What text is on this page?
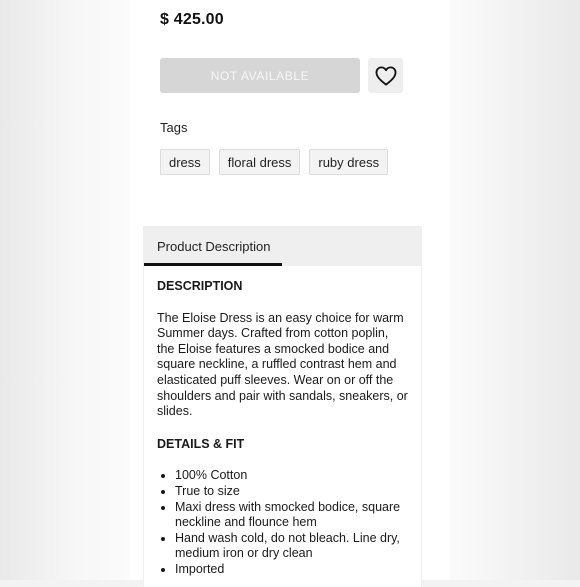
$ 425.00
NOT AVAILABLE
Tags
dress	floral dress	ruby dress
Product Description
DESCRIPTION
The Eloise Dress is an easy choice for warm Summer days. Crafted from cotton poplin, the Eloise features a smocked bodice and square neckline, a ruffled contrast hem and elasticated puff sleeves. Wear on or off the shoulders and pair with sandals, sneakers, or slides.
DETAILS & FIT
• 100% Cotton
• True to size
• Maxi dress with smocked bodice, square neckline and flounce hem
• Hand wash cold, do not bleach. Line dry, medium iron or dry clean
• Imported
